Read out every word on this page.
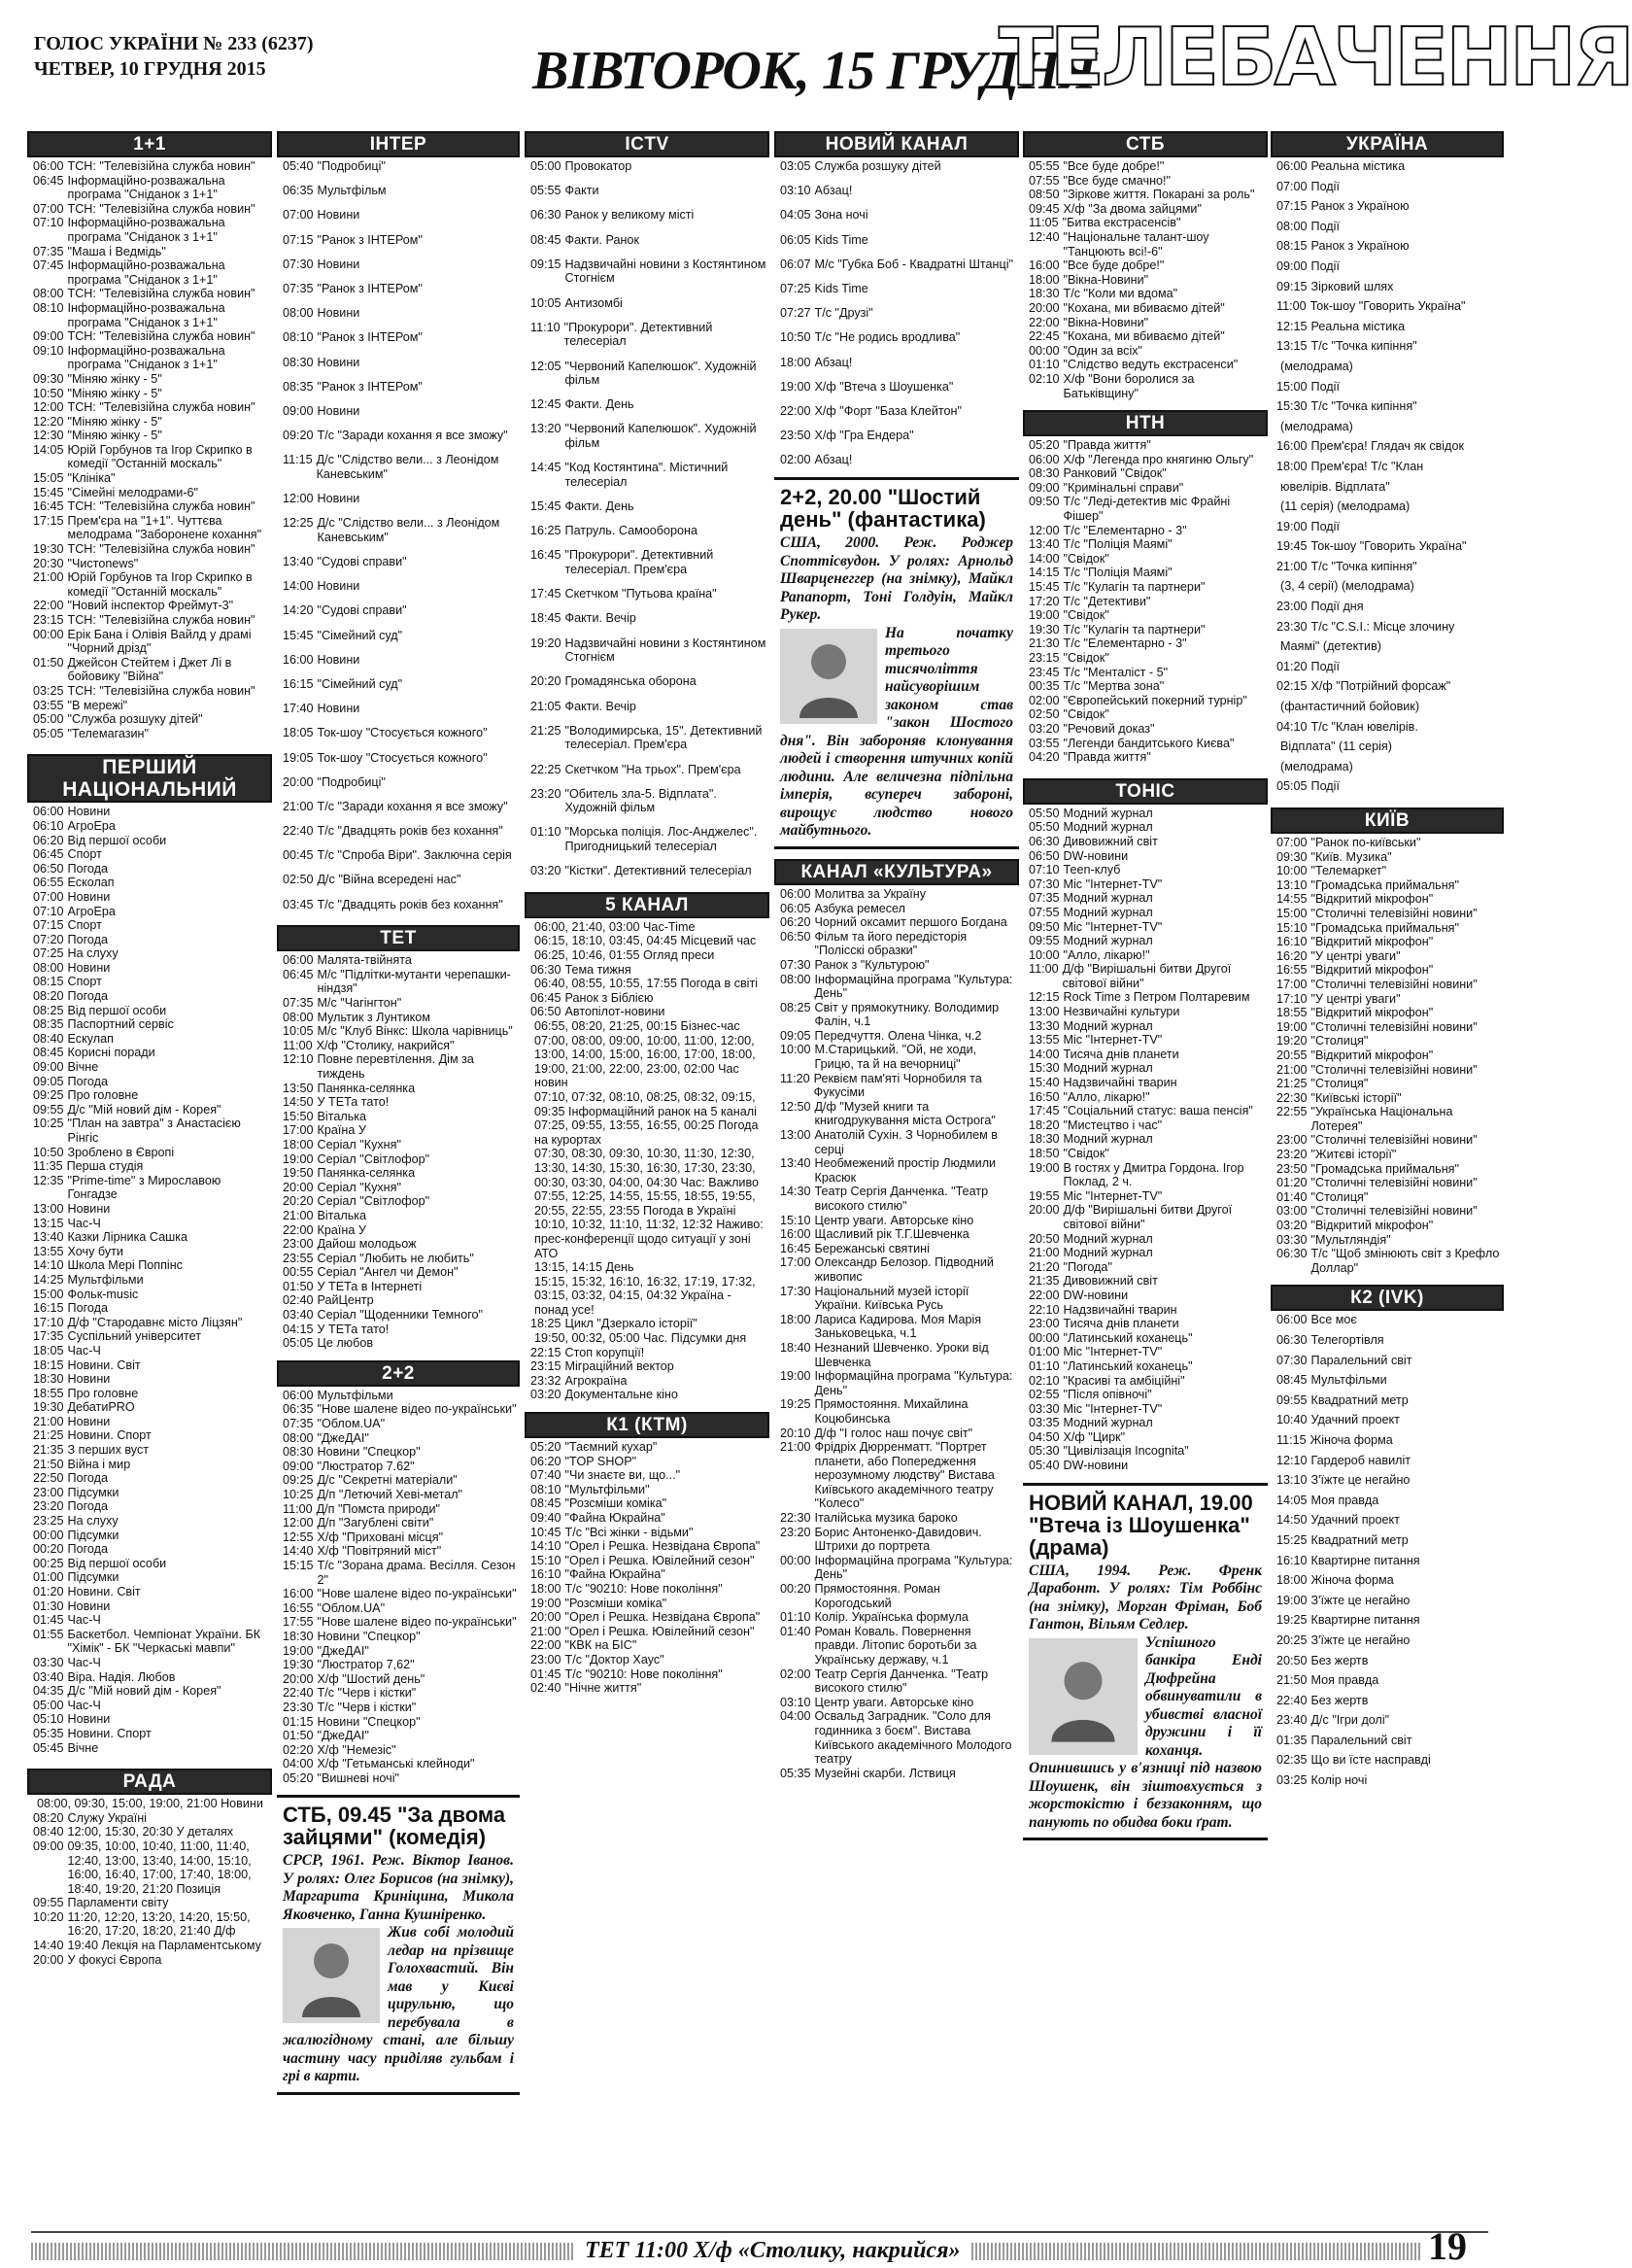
ГОЛОС УКРАЇНИ № 233 (6237)
ЧЕТВЕР, 10 ГРУДНЯ 2015	ВІВТОРОК, 15 ГРУДНЯ
ТЕЛЕБАЧЕННЯ
1+1
06:00 ТСН: "Телевізійна служба новин"
06:45 Інформаційно-розважальна програма "Сніданок з 1+1"
07:00 ТСН: "Телевізійна служба новин"
07:10 Інформаційно-розважальна програма "Сніданок з 1+1"
07:35 "Маша і Ведмідь"
07:45 Інформаційно-розважальна програма "Сніданок з 1+1"
08:00 ТСН: "Телевізійна служба новин"
08:10 Інформаційно-розважальна програма "Сніданок з 1+1"
09:00 ТСН: "Телевізійна служба новин"
09:10 Інформаційно-розважальна програма "Сніданок з 1+1"
09:30 "Міняю жінку - 5"
10:50 "Міняю жінку - 5"
12:00 ТСН: "Телевізійна служба новин"
12:20 "Міняю жінку - 5"
12:30 "Міняю жінку - 5"
14:05 Юрій Горбунов та Ігор Скрипко в комедії "Останній москаль"
15:05 "Клініка"
15:45 "Сімейні мелодрами-6"
16:45 ТСН: "Телевізійна служба новин"
17:15 Прем'єра на "1+1". Чуттєва мелодрама "Заборонене кохання"
19:30 ТСН: "Телевізійна служба новин"
20:30 "Чистоnews"
21:00 Юрій Горбунов та Ігор Скрипко в комедії "Останній москаль"
22:00 "Новий інспектор Фреймут-3"
23:15 ТСН: "Телевізійна служба новин"
00:00 Ерік Бана і Олівія Вайлд у драмі "Чорний дрізд"
01:50 Джейсон Стейтем і Джет Лі в бойовику "Війна"
03:25 ТСН: "Телевізійна служба новин"
03:55 "В мережі"
05:00 "Служба розшуку дітей"
05:05 "Телемагазин"
ПЕРШИЙ НАЦІОНАЛЬНИЙ
06:00 Новини
06:10 АгроЕра
06:20 Від першої особи
06:45 Спорт
06:50 Погода
06:55 Есколап
07:00 Новини
07:10 АгроЕра
07:15 Спорт
07:20 Погода
07:25 На слуху
08:00 Новини
08:15 Спорт
08:20 Погода
08:25 Від першої особи
08:35 Паспортний сервіс
08:40 Ескулап
08:45 Корисні поради
09:00 Вічне
09:05 Погода
09:25 Про головне
09:55 Д/с "Мій новий дім - Корея"
10:25 "План на завтра" з Анастасією Рінгіс
10:50 Зроблено в Європі
11:35 Перша студія
12:35 "Prime-time" з Мирославою Гонгадзе
13:00 Новини
13:15 Час-Ч
13:40 Казки Лірника Сашка
13:55 Хочу бути
14:10 Школа Мері Поппінс
14:25 Мультфільми
15:00 Фольк-music
16:15 Погода
17:10 Д/ф "Стародавнє місто Ліцзян"
17:35 Суспільний університет
18:05 Час-Ч
18:15 Новини. Світ
18:30 Новини
18:55 Про головне
19:30 ДебатиPRO
21:00 Новини
21:25 Новини. Спорт
21:35 З перших вуст
21:50 Війна і мир
22:50 Погода
23:00 Підсумки
23:20 Погода
23:25 На слуху
00:00 Підсумки
00:20 Погода
00:25 Від першої особи
01:00 Підсумки
01:20 Новини. Світ
01:30 Новини
01:45 Час-Ч
01:55 Баскетбол. Чемпіонат України. БК "Хімік" - БК "Черкаські мавпи"
03:30 Час-Ч
03:40 Віра. Надія. Любов
04:35 Д/с "Мій новий дім - Корея"
05:00 Час-Ч
05:10 Новини
05:35 Новини. Спорт
05:45 Вічне
РАДА
08:00, 09:30, 15:00, 19:00, 21:00 Новини
08:20 Служу Україні
08:40 12:00, 15:30, 20:30 У деталях
09:00 09:35, 10:00, 10:40, 11:00, 11:40, 12:40, 13:00, 13:40, 14:00, 15:10, 16:00, 16:40, 17:00, 17:40, 18:00, 18:40, 19:20, 21:20 Позиція
09:55 Парламенти світу
10:20 11:20, 12:20, 13:20, 14:20, 15:50, 16:20, 17:20, 18:20, 21:40 Д/ф
14:40 19:40 Лекція на Парламентському
20:00 У фокусі Європа
ІНТЕР
05:40 "Подробиці"
06:35 Мультфільм
07:00 Новини
07:15 "Ранок з ІНТЕРом"
07:30 Новини
07:35 "Ранок з ІНТЕРом"
08:00 Новини
08:10 "Ранок з ІНТЕРом"
08:30 Новини
08:35 "Ранок з ІНТЕРом"
09:00 Новини
09:20 Т/с "Заради кохання я все зможу"
11:15 Д/с "Слідство вели... з Леонідом Каневським"
12:00 Новини
12:25 Д/с "Слідство вели... з Леонідом Каневським"
13:40 "Судові справи"
14:00 Новини
14:20 "Судові справи"
15:45 "Сімейний суд"
16:00 Новини
16:15 "Сімейний суд"
17:40 Новини
18:05 Ток-шоу "Стосується кожного"
19:05 Ток-шоу "Стосується кожного"
20:00 "Подробиці"
21:00 Т/с "Заради кохання я все зможу"
22:40 Т/с "Двадцять років без кохання"
00:45 Т/с "Спроба Віри". Заключна серія
02:50 Д/с "Війна всередені нас"
03:45 Т/с "Двадцять років без кохання"
ТЕТ
06:00 Малята-твійнята
06:45 М/с "Підлітки-мутанти черепашки-ніндзя"
07:35 М/с "Чагінгтон"
08:00 Мультик з Лунтиком
10:05 М/с "Клуб Вінкс: Школа чарівниць"
11:00 Х/ф "Столику, накрийся"
12:10 Повне перевтілення. Дім за тиждень
13:50 Панянка-селянка
14:50 У ТЕТа тато!
15:50 Віталька
17:00 Країна У
18:00 Серіал "Кухня"
19:00 Серіал "Світлофор"
19:50 Панянка-селянка
20:00 Серіал "Кухня"
20:20 Серіал "Світлофор"
21:00 Віталька
22:00 Країна У
23:00 Дайош молодьож
23:55 Серіал "Любить не любить"
00:55 Серіал "Ангел чи Демон"
01:50 У ТЕТа в Інтернеті
02:40 РайЦентр
03:40 Серіал "Щоденники Темного"
04:15 У ТЕТа тато!
05:05 Це любов
2+2
06:00 Мультфільми
06:35 "Нове шалене відео по-українськи"
07:35 "Облом.UA"
08:00 "ДжеДАІ"
08:30 Новини "Спецкор"
09:00 "Люстратор 7.62"
09:25 Д/с "Секретні матеріали"
10:25 Д/п "Летючий Хеві-метал"
11:00 Д/п "Помста природи"
12:00 Д/п "Загублені світи"
12:55 Х/ф "Приховані місця"
14:40 Х/ф "Повітряний міст"
15:15 Т/с "Зорана драма. Весілля. Сезон 2"
16:00 "Нове шалене відео по-українськи"
16:55 "Облом.UA"
17:55 "Нове шалене відео по-українськи"
18:30 Новини "Спецкор"
19:00 "ДжеДАІ"
19:30 "Люстратор 7,62"
20:00 Х/ф "Шостий день"
22:40 Т/с "Черв і кістки"
23:30 Т/с "Черв і кістки"
01:15 Новини "Спецкор"
01:50 "ДжеДАІ"
02:20 Х/ф "Немезіс"
04:00 Х/ф "Гетьманські клейноди"
05:20 "Вишневі ночі"
СТБ, 09.45 "За двома зайцями" (комедія)

СРСР, 1961. Реж. Віктор Іванов. У ролях: Олег Борисов (на знімку), Маргарита Криніцина, Микола Яковченко, Ганна Кушніренко.

Жив собі молодий ледар на прізвище Голохвастий. Він мав у Києві цирульню, що перебувала в жалюгідному стані, але більшу частину часу приділяв гульбам і грі в карти.

ICTV
05:00 Провокатор
05:55 Факти
06:30 Ранок у великому місті
08:45 Факти. Ранок
09:15 Надзвичайні новини з Костянтином Стогнієм
10:05 Антизомбі
11:10 "Прокурори". Детективний телесеріал
12:05 "Червоний Капелюшок". Художній фільм
12:45 Факти. День
13:20 "Червоний Капелюшок". Художній фільм
14:45 "Код Костянтина". Містичний телесеріал
15:45 Факти. День
16:25 Патруль. Самооборона
16:45 "Прокурори". Детективний телесеріал. Прем'єра
17:45 Скетчком "Путьова країна"
18:45 Факти. Вечір
19:20 Надзвичайні новини з Костянтином Стогнієм
20:20 Громадянська оборона
21:05 Факти. Вечір
21:25 "Володимирська, 15". Детективний телесеріал. Прем'єра
22:25 Скетчком "На трьох". Прем'єра
23:20 "Обитель зла-5. Відплата". Художній фільм
01:10 "Морська поліція. Лос-Анджелес". Пригодницький телесеріал
03:20 "Кістки". Детективний телесеріал
5 КАНАЛ
06:00, 21:40, 03:00 Час-Time
06:15, 18:10, 03:45, 04:45 Місцевий час
06:25, 10:46, 01:55 Огляд преси
06:30 Тема тижня
06:40, 08:55, 10:55, 17:55 Погода в світі
06:45 Ранок з Біблією
06:50 Автопілот-новини
06:55, 08:20, 21:25, 00:15 Бізнес-час
07:00, 08:00, 09:00, 10:00, 11:00, 12:00, 13:00, 14:00, 15:00, 16:00, 17:00, 18:00, 19:00, 21:00, 22:00, 23:00, 02:00 Час новин
07:10, 07:32, 08:10, 08:25, 08:32, 09:15, 09:35 Інформаційний ранок на 5 каналі
07:25, 09:55, 13:55, 16:55, 00:25 Погода на курортах
07:30, 08:30, 09:30, 10:30, 11:30, 12:30, 13:30, 14:30, 15:30, 16:30, 17:30, 23:30, 00:30, 03:30, 04:00, 04:30 Час: Важливо
07:55, 12:25, 14:55, 15:55, 18:55, 19:55, 20:55, 22:55, 23:55 Погода в Україні
10:10, 10:32, 11:10, 11:32, 12:32 Наживо: прес-конференції щодо ситуації у зоні АТО
13:15, 14:15 День
15:15, 15:32, 16:10, 16:32, 17:19, 17:32, 03:15, 03:32, 04:15, 04:32 Україна - понад усе!
18:25 Цикл "Дзеркало історії"
19:50, 00:32, 05:00 Час. Підсумки дня
22:15 Стоп корупції!
23:15 Міграційний вектор
23:32 Агрокраїна
03:20 Документальне кіно
К1 (КТМ)
05:20 "Таємний кухар"
06:20 "TOP SHOP"
07:40 "Чи знаєте ви, що..."
08:10 "Мультфільми"
08:45 "Розсміши коміка"
09:40 "Файна Юкрайна"
10:45 Т/с "Всі жінки - відьми"
14:10 "Орел і Решка. Незвідана Європа"
15:10 "Орел і Решка. Ювілейний сезон"
16:10 "Файна Юкрайна"
18:00 Т/с "90210: Нове покоління"
19:00 "Розсміши коміка"
20:00 "Орел і Решка. Незвідана Європа"
21:00 "Орел і Решка. Ювілейний сезон"
22:00 "КВК на БІС"
23:00 Т/с "Доктор Хаус"
01:45 Т/с "90210: Нове покоління"
02:40 "Нічне життя"
НОВИЙ КАНАЛ
03:05 Служба розшуку дітей
03:10 Абзац!
04:05 Зона ночі
06:05 Kids Time
06:07 М/с "Губка Боб - Квадратні Штанці"
07:25 Kids Time
07:27 Т/с "Друзі"
10:50 Т/с "Не родись вродлива"
18:00 Абзац!
19:00 Х/ф "Втеча з Шоушенка"
22:00 Х/ф "Форт "База Клейтон"
23:50 Х/ф "Гра Ендера"
02:00 Абзац!
2+2, 20.00 "Шостий день" (фантастика)

США, 2000. Реж. Роджер Споттісвудон. У ролях: Арнольд Шварценеггер (на знімку), Майкл Рапапорт, Тоні Голдуін, Майкл Рукер.

На початку третього тисячоліття найсуворішим законом став "закон Шостого дня". Він забороняв клонування людей і створення штучних копій людини. Але величезна підпільна імперія, всупереч забороні, вирощує людство нового майбутнього.

КАНАЛ «КУЛЬТУРА»
06:00 Молитва за Україну
06:05 Азбука ремесел
06:20 Чорний оксамит першого Богдана
06:50 Фільм та його передісторія "Полісскі образки"
07:30 Ранок з "Культурою"
08:00 Інформаційна програма "Культура: День"
08:25 Світ у прямокутнику. Володимир Фалін, ч.1
09:05 Передчуття. Олена Чінка, ч.2
10:00 М.Старицький. "Ой, не ходи, Грицю, та й на вечорниці"
11:20 Реквієм пам'яті Чорнобиля та Фукусіми
12:50 Д/ф "Музей книги та книгодрукування міста Острога"
13:00 Анатолій Сухін. З Чорнобилем в серці
13:40 Необмежений простір Людмили Красюк
14:30 Театр Сергія Данченка. "Театр високого стилю"
15:10 Центр уваги. Авторське кіно
16:00 Щасливий рік Т.Г.Шевченка
16:45 Бережанські святині
17:00 Олександр Белозор. Підводний живопис
17:30 Національний музей історії України. Київська Русь
18:00 Лариса Кадирова. Моя Марія Заньковецька, ч.1
18:40 Незнаний Шевченко. Уроки від Шевченка
19:00 Інформаційна програма "Культура: День"
19:25 Прямостояння. Михайлина Коцюбинська
20:10 Д/ф "І голос наш почує світ"
21:00 Фрідріх Дюрренматт. "Портрет планети, або Попередження нерозумному людству" Вистава Київського академічного театру "Колесо"
22:30 Італійська музика бароко
23:20 Борис Антоненко-Давидович. Штрихи до портрета
00:00 Інформаційна програма "Культура: День"
00:20 Прямостояння. Роман Корогодський
01:10 Колір. Українська формула
01:40 Роман Коваль. Повернення правди. Літопис боротьби за Українську державу, ч.1
02:00 Театр Сергія Данченка. "Театр високого стилю"
03:10 Центр уваги. Авторське кіно
04:00 Освальд Заградник. "Соло для годинника з боєм". Вистава Київського академічного Молодого театру
05:35 Музейні скарби. Лствиця
СТБ
05:55 "Все буде добре!"
07:55 "Все буде смачно!"
08:50 "Зіркове життя. Покарані за роль"
09:45 Х/ф "За двома зайцями"
11:05 "Битва екстрасенсів"
12:40 "Національне талант-шоу "Танцюють всі!-6"
16:00 "Все буде добре!"
18:00 "Вікна-Новини"
18:30 Т/с "Коли ми вдома"
20:00 "Кохана, ми вбиваємо дітей"
22:00 "Вікна-Новини"
22:45 "Кохана, ми вбиваємо дітей"
00:00 "Один за всіх"
01:10 "Слідство ведуть екстрасенси"
02:10 Х/ф "Вони боролися за Батьківщину"
НТН
05:20 "Правда життя"
06:00 Х/ф "Легенда про княгиню Ольгу"
08:30 Ранковий "Свідок"
09:00 "Кримінальні справи"
09:50 Т/с "Леді-детектив міс Фрайні Фішер"
12:00 Т/с "Елементарно - 3"
13:40 Т/с "Поліція Маямі"
14:00 "Свідок"
14:15 Т/с "Поліція Маямі"
15:45 Т/с "Кулагін та партнери"
17:20 Т/с "Детективи"
19:00 "Свідок"
19:30 Т/с "Кулагін та партнери"
21:30 Т/с "Елементарно - 3"
23:15 "Свідок"
23:45 Т/с "Менталіст - 5"
00:35 Т/с "Мертва зона"
02:00 "Європейський покерний турнір"
02:50 "Свідок"
03:20 "Речовий доказ"
03:55 "Легенди бандитського Києва"
04:20 "Правда життя"
ТОНІС
05:50 Модний журнал
05:50 Модний журнал
06:30 Дивовижний світ
06:50 DW-новини
07:10 Теen-клуб
07:30 Міс "Інтернет-TV"
07:35 Модний журнал
07:55 Модний журнал
09:50 Міс "Інтернет-TV"
09:55 Модний журнал
10:00 "Алло, лікарю!"
11:00 Д/ф "Вирішальні битви Другої світової війни"
12:15 Rock Time з Петром Полтаревим
13:00 Незвичайні культури
13:30 Модний журнал
13:55 Міс "Інтернет-TV"
14:00 Тисяча днів планети
15:30 Модний журнал
15:40 Надзвичайні тварин
16:50 "Алло, лікарю!"
17:45 "Соціальний статус: ваша пенсія"
18:20 "Мистецтво і час"
18:30 Модний журнал
18:50 "Свідок"
19:00 В гостях у Дмитра Гордона. Ігор Поклад, 2 ч.
19:55 Міс "Інтернет-TV"
20:00 Д/ф "Вирішальні битви Другої світової війни"
20:50 Модний журнал
21:00 Модний журнал
21:20 "Погода"
21:35 Дивовижний світ
22:00 DW-новини
22:10 Надзвичайні тварин
23:00 Тисяча днів планети
00:00 "Латинський коханець"
01:00 Міс "Інтернет-TV"
01:10 "Латинський коханець"
02:10 "Красиві та амбіційні"
02:55 "Після опівночі"
03:30 Міс "Інтернет-TV"
03:35 Модний журнал
04:50 Х/ф "Цирк"
05:30 "Цивілізація Incognita"
05:40 DW-новини
НОВИЙ КАНАЛ, 19.00 "Втеча із Шоушенка" (драма)

США, 1994. Реж. Френк Дарабонт. У ролях: Тім Роббінс (на знімку), Морган Фріман, Боб Гантон, Вільям Седлер.

Успішного банкіра Енді Дюфрейна обвинуватили в убивстві власної дружини і її коханця. Опинившись у в'язниці під назвою Шоушенк, він зіштовхується з жорстокістю і беззаконням, що панують по обидва боки ґрат.

УКРАЇНА
06:00 Реальна містика
07:00 Події
07:15 Ранок з Україною
08:00 Події
08:15 Ранок з Україною
09:00 Події
09:15 Зірковий шлях
11:00 Ток-шоу "Говорить Україна"
12:15 Реальна містика
13:15 Т/с "Точка кипіння"
(мелодрама)
15:00 Події
15:30 Т/с "Точка кипіння"
(мелодрама)
16:00 Прем'єра! Глядач як свідок
18:00 Прем'єра! Т/с "Клан
ювелірів. Відплата"
(11 серія) (мелодрама)
19:00 Події
19:45 Ток-шоу "Говорить Україна"
21:00 Т/с "Точка кипіння"
(3, 4 серії) (мелодрама)
23:00 Події дня
23:30 Т/с "C.S.I.: Місце злочину
Маямі" (детектив)
01:20 Події
02:15 Х/ф "Потрійний форсаж"
(фантастичний бойовик)
04:10 Т/с "Клан ювелірів.
Відплата" (11 серія)
(мелодрама)
05:05 Події
КИЇВ
07:00 "Ранок по-київськи"
09:30 "Київ. Музика"
10:00 "Телемаркет"
13:10 "Громадська приймальня"
14:55 "Відкритий мікрофон"
15:00 "Столичні телевізійні новини"
15:10 "Громадська приймальня"
16:10 "Відкритий мікрофон"
16:20 "У центрі уваги"
16:55 "Відкритий мікрофон"
17:00 "Столичні телевізійні новини"
17:10 "У центрі уваги"
18:55 "Відкритий мікрофон"
19:00 "Столичні телевізійні новини"
19:20 "Столиця"
20:55 "Відкритий мікрофон"
21:00 "Столичні телевізійні новини"
21:25 "Столиця"
22:30 "Київські історії"
22:55 "Українська Національна Лотерея"
23:00 "Столичні телевізійні новини"
23:20 "Житєві історії"
23:50 "Громадська приймальня"
01:20 "Столичні телевізійні новини"
01:40 "Столиця"
03:00 "Столичні телевізійні новини"
03:20 "Відкритий мікрофон"
03:30 "Мультляндія"
06:30 Т/с "Щоб змінюють світ з Крефло Доллар"
К2 (IVK)
06:00 Все моє
06:30 Телегортівля
07:30 Паралельний світ
08:45 Мультфільми
09:55 Квадратний метр
10:40 Удачний проект
11:15 Жіноча форма
12:10 Гардероб навиліт
13:10 З'їжте це негайно
14:05 Моя правда
14:50 Удачний проект
15:25 Квадратний метр
16:10 Квартирне питання
18:00 Жіноча форма
19:00 З'їжте це негайно
19:25 Квартирне питання
20:25 З'їжте це негайно
20:50 Без жертв
21:50 Моя правда
22:40 Без жертв
23:40 Д/с "Ігри долі"
01:35 Паралельний світ
02:35 Що ви їсте насправді
03:25 Колір ночі
ТЕТ 11:00 Х/ф «Столику, накрийся»	19
